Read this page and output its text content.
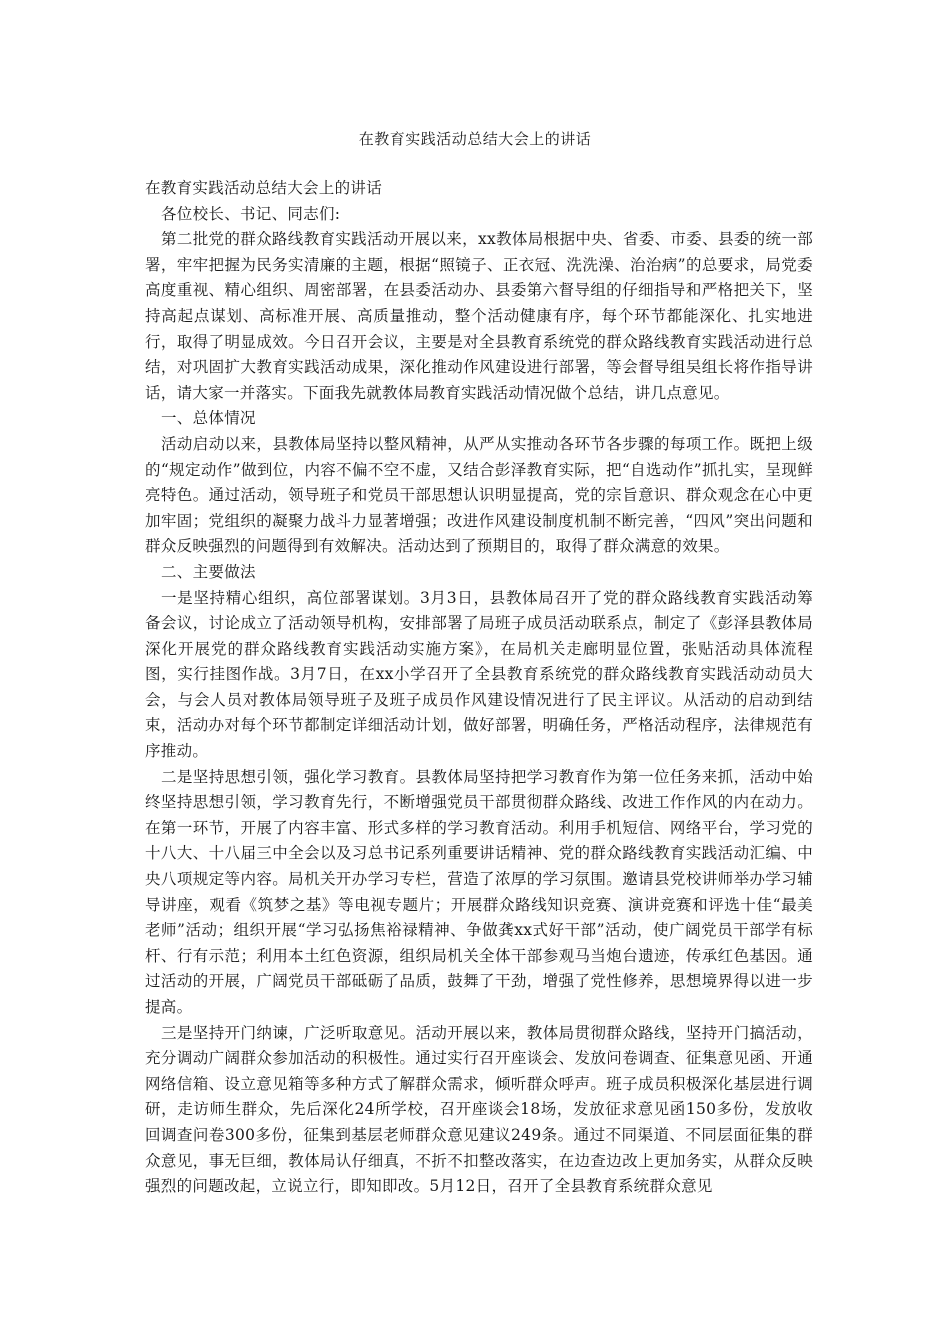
在教育实践活动总结大会上的讲话

在教育实践活动总结大会上的讲话

各位校长、书记、同志们:

第二批党的群众路线教育实践活动开展以来，xx教体局根据中央、省委、市委、县委的统一部署，牢牢把握为民务实清廉的主题，根据“照镜子、正衣冠、洗洗澡、治治病”的总要求，局党委高度重视、精心组织、周密部署，在县委活动办、县委第六督导组的仔细指导和严格把关下，坚持高起点谋划、高标准开展、高质量推动，整个活动健康有序，每个环节都能深化、扎实地进行，取得了明显成效。今日召开会议，主要是对全县教育系统党的群众路线教育实践活动进行总结，对巩固扩大教育实践活动成果，深化推动作风建设进行部署，等会督导组吴组长将作指导讲话，请大家一并落实。下面我先就教体局教育实践活动情况做个总结，讲几点意见。

一、总体情况

活动启动以来，县教体局坚持以整风精神，从严从实推动各环节各步骤的每项工作。既把上级的“规定动作”做到位，内容不偏不空不虚，又结合彭泽教育实际，把“自选动作”抓扎实，呈现鲜亮特色。通过活动，领导班子和党员干部思想认识明显提高，党的宗旨意识、群众观念在心中更加牢固；党组织的凝聚力战斗力显著增强；改进作风建设制度机制不断完善，“四风”突出问题和群众反映强烈的问题得到有效解决。活动达到了预期目的，取得了群众满意的效果。

二、主要做法

一是坚持精心组织，高位部署谋划。3月3日，县教体局召开了党的群众路线教育实践活动筹备会议，讨论成立了活动领导机构，安排部署了局班子成员活动联系点，制定了《彭泽县教体局深化开展党的群众路线教育实践活动实施方案》，在局机关走廊明显位置，张贴活动具体流程图，实行挂图作战。3月7日，在xx小学召开了全县教育系统党的群众路线教育实践活动动员大会，与会人员对教体局领导班子及班子成员作风建设情况进行了民主评议。从活动的启动到结束，活动办对每个环节都制定详细活动计划，做好部署，明确任务，严格活动程序，法律规范有序推动。

二是坚持思想引领，强化学习教育。县教体局坚持把学习教育作为第一位任务来抓，活动中始终坚持思想引领，学习教育先行，不断增强党员干部贯彻群众路线、改进工作作风的内在动力。在第一环节，开展了内容丰富、形式多样的学习教育活动。利用手机短信、网络平台，学习党的十八大、十八届三中全会以及习总书记系列重要讲话精神、党的群众路线教育实践活动汇编、中央八项规定等内容。局机关开办学习专栏，营造了浓厚的学习氛围。邀请县党校讲师举办学习辅导讲座，观看《筑梦之基》等电视专题片；开展群众路线知识竞赛、演讲竞赛和评选十佳“最美老师”活动；组织开展“学习弘扬焦裕禄精神、争做龚xx式好干部”活动，使广阔党员干部学有标杆、行有示范；利用本土红色资源，组织局机关全体干部参观马当炮台遗迹，传承红色基因。通过活动的开展，广阔党员干部砥砺了品质，鼓舞了干劲，增强了党性修养，思想境界得以进一步提高。

三是坚持开门纳谏，广泛听取意见。活动开展以来，教体局贯彻群众路线，坚持开门搞活动，充分调动广阔群众参加活动的积极性。通过实行召开座谈会、发放问卷调查、征集意见函、开通网络信箱、设立意见箱等多种方式了解群众需求，倾听群众呼声。班子成员积极深化基层进行调研，走访师生群众，先后深化24所学校，召开座谈会18场，发放征求意见函150多份，发放收回调查问卷300多份，征集到基层老师群众意见建议249条。通过不同渠道、不同层面征集的群众意见，事无巨细，教体局认仔细真，不折不扣整改落实，在边查边改上更加务实，从群众反映强烈的问题改起，立说立行，即知即改。5月12日，召开了全县教育系统群众意见
